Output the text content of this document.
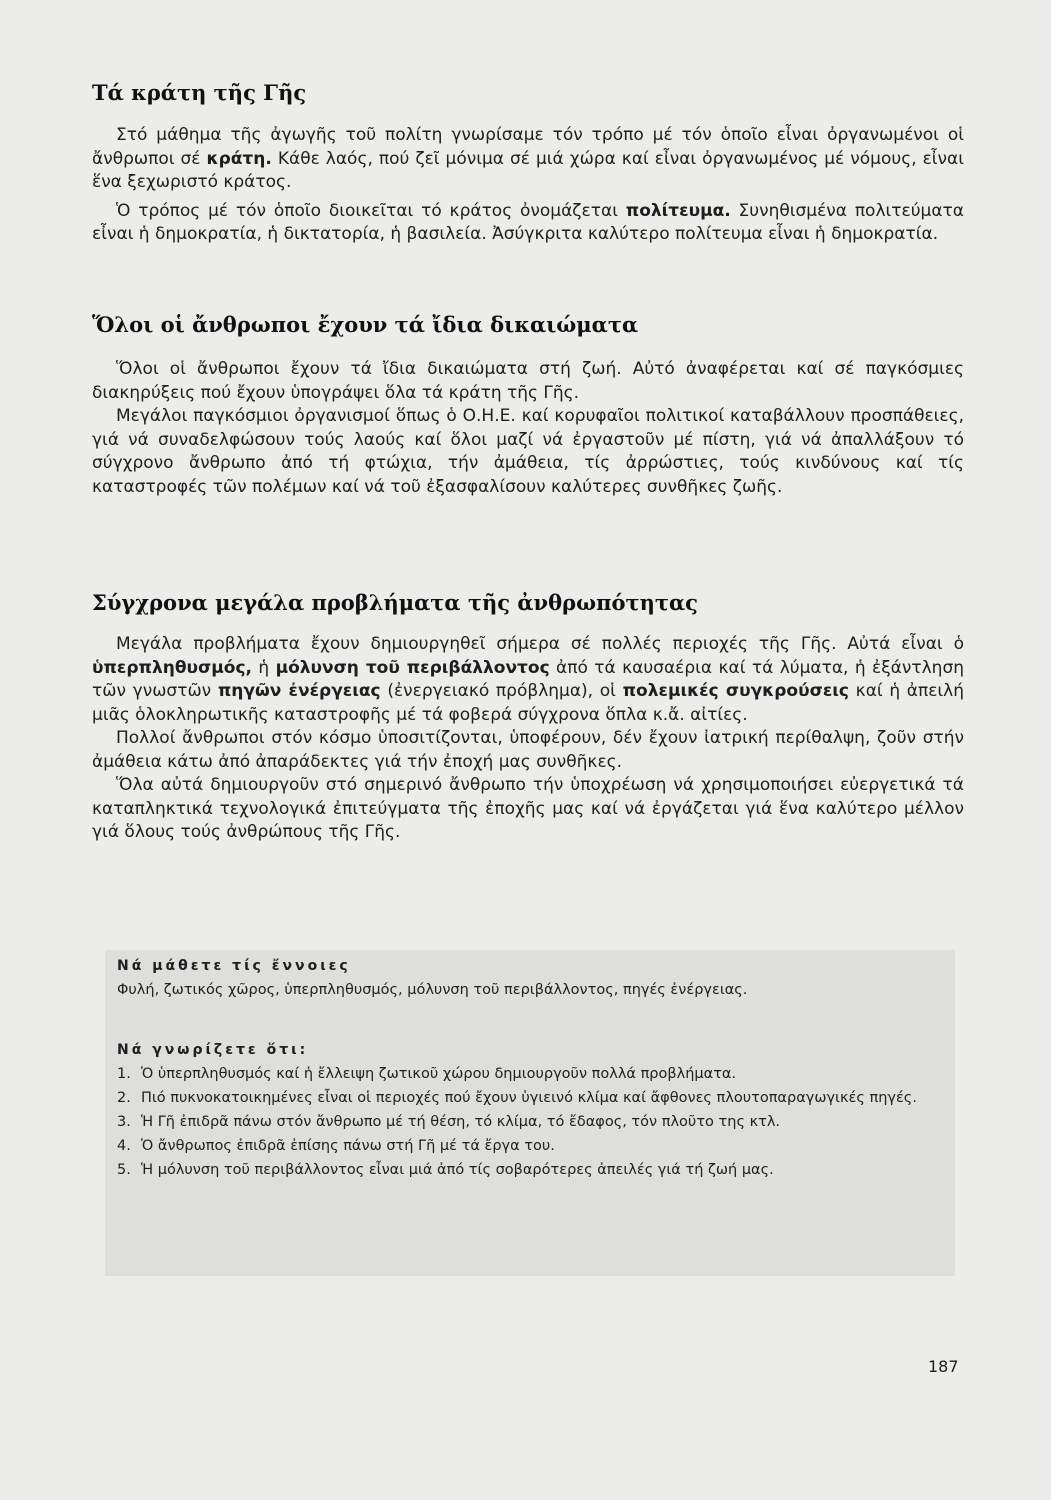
Τά κράτη τῆς Γῆς

Στό μάθημα τῆς ἀγωγῆς τοῦ πολίτη γνωρίσαμε τόν τρόπο μέ τόν ὁποῖο εἶναι ὀργανωμένοι οἱ ἄνθρωποι σέ κράτη. Κάθε λαός, πού ζεῖ μόνιμα σέ μιά χώρα καί εἶναι ὀργανωμένος μέ νόμους, εἶναι ἕνα ξεχωριστό κράτος.

Ὁ τρόπος μέ τόν ὁποῖο διοικεῖται τό κράτος ὀνομάζεται πολίτευμα. Συνηθισμένα πολιτεύματα εἶναι ἡ δημοκρατία, ἡ δικτατορία, ἡ βασιλεία. Ἀσύγκριτα καλύτερο πολίτευμα εἶναι ἡ δημοκρατία.

Ὅλοι οἱ ἄνθρωποι ἔχουν τά ἴδια δικαιώματα

Ὅλοι οἱ ἄνθρωποι ἔχουν τά ἴδια δικαιώματα στή ζωή. Αὐτό ἀναφέρεται καί σέ παγκόσμιες διακηρύξεις πού ἔχουν ὑπογράψει ὅλα τά κράτη τῆς Γῆς.

Μεγάλοι παγκόσμιοι ὀργανισμοί ὅπως ὁ Ο.Η.Ε. καί κορυφαῖοι πολιτικοί καταβάλλουν προσπάθειες, γιά νά συναδελφώσουν τούς λαούς καί ὅλοι μαζί νά ἐργαστοῦν μέ πίστη, γιά νά ἀπαλλάξουν τό σύγχρονο ἄνθρωπο ἀπό τή φτώχια, τήν ἀμάθεια, τίς ἀρρώστιες, τούς κινδύνους καί τίς καταστροφές τῶν πολέμων καί νά τοῦ ἐξασφαλίσουν καλύτερες συνθῆκες ζωῆς.

Σύγχρονα μεγάλα προβλήματα τῆς ἀνθρωπότητας

Μεγάλα προβλήματα ἔχουν δημιουργηθεῖ σήμερα σέ πολλές περιοχές τῆς Γῆς. Αὐτά εἶναι ὁ ὑπερπληθυσμός, ἡ μόλυνση τοῦ περιβάλλοντος ἀπό τά καυσαέρια καί τά λύματα, ἡ ἐξάντληση τῶν γνωστῶν πηγῶν ἐνέργειας (ἐνεργειακό πρόβλημα), οἱ πολεμικές συγκρούσεις καί ἡ ἀπειλή μιᾶς ὁλοκληρωτικῆς καταστροφῆς μέ τά φοβερά σύγχρονα ὅπλα κ.ἄ. αἰτίες.

Πολλοί ἄνθρωποι στόν κόσμο ὑποσιτίζονται, ὑποφέρουν, δέν ἔχουν ἰατρική περίθαλψη, ζοῦν στήν ἀμάθεια κάτω ἀπό ἀπαράδεκτες γιά τήν ἐποχή μας συνθῆκες.

Ὅλα αὐτά δημιουργοῦν στό σημερινό ἄνθρωπο τήν ὑποχρέωση νά χρησιμοποιήσει εὐεργετικά τά καταπληκτικά τεχνολογικά ἐπιτεύγματα τῆς ἐποχῆς μας καί νά ἐργάζεται γιά ἕνα καλύτερο μέλλον γιά ὅλους τούς ἀνθρώπους τῆς Γῆς.

Νά μάθετε τίς ἔννοιες

Φυλή, ζωτικός χῶρος, ὑπερπληθυσμός, μόλυνση τοῦ περιβάλλοντος, πηγές ἐνέργειας.

Νά γνωρίζετε ὅτι:
1. Ὁ ὑπερπληθυσμός καί ἡ ἔλλειψη ζωτικοῦ χώρου δημιουργοῦν πολλά προβλήματα.
2. Πιό πυκνοκατοικημένες εἶναι οἱ περιοχές πού ἔχουν ὑγιεινό κλίμα καί ἄφθονες πλουτοπαραγωγικές πηγές.
3. Ἡ Γῆ ἐπιδρᾶ πάνω στόν ἄνθρωπο μέ τή θέση, τό κλίμα, τό ἔδαφος, τόν πλοῦτο της κτλ.
4. Ὁ ἄνθρωπος ἐπιδρᾶ ἐπίσης πάνω στή Γῆ μέ τά ἔργα του.
5. Ἡ μόλυνση τοῦ περιβάλλοντος εἶναι μιά ἀπό τίς σοβαρότερες ἀπειλές γιά τή ζωή μας.

187
